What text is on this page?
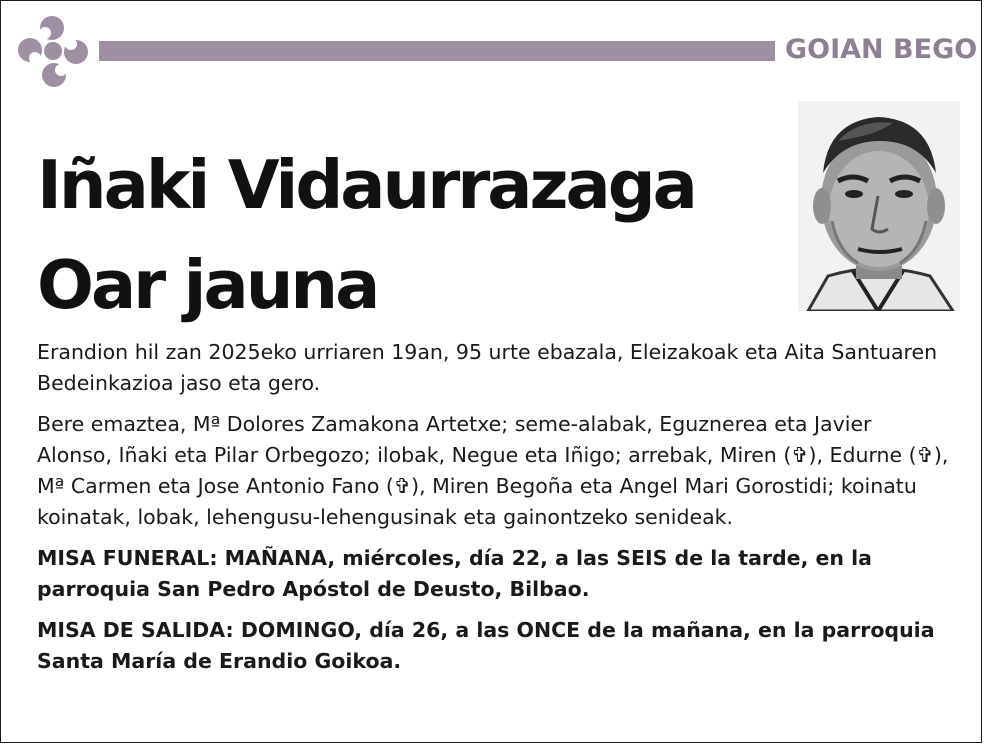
GOIAN BEGO
Iñaki Vidaurrazaga
Oar jauna

Erandion hil zan 2025eko urriaren 19an, 95 urte ebazala, Eleizakoak eta Aita Santuaren Bedeinkazioa jaso eta gero.

Bere emaztea, Mª Dolores Zamakona Artetxe; seme-alabak, Eguznerea eta Javier Alonso, Iñaki eta Pilar Orbegozo; ilobak, Negue eta Iñigo; arrebak, Miren (✞), Edurne (✞), Mª Carmen eta Jose Antonio Fano (✞), Miren Begoña eta Angel Mari Gorostidi; koinatu koinatak, lobak, lehengusu-lehengusinak eta gainontzeko senideak.

MISA FUNERAL: MAÑANA, miércoles, día 22, a las SEIS de la tarde, en la parroquia San Pedro Apóstol de Deusto, Bilbao.

MISA DE SALIDA: DOMINGO, día 26, a las ONCE de la mañana, en la parroquia Santa María de Erandio Goikoa.
